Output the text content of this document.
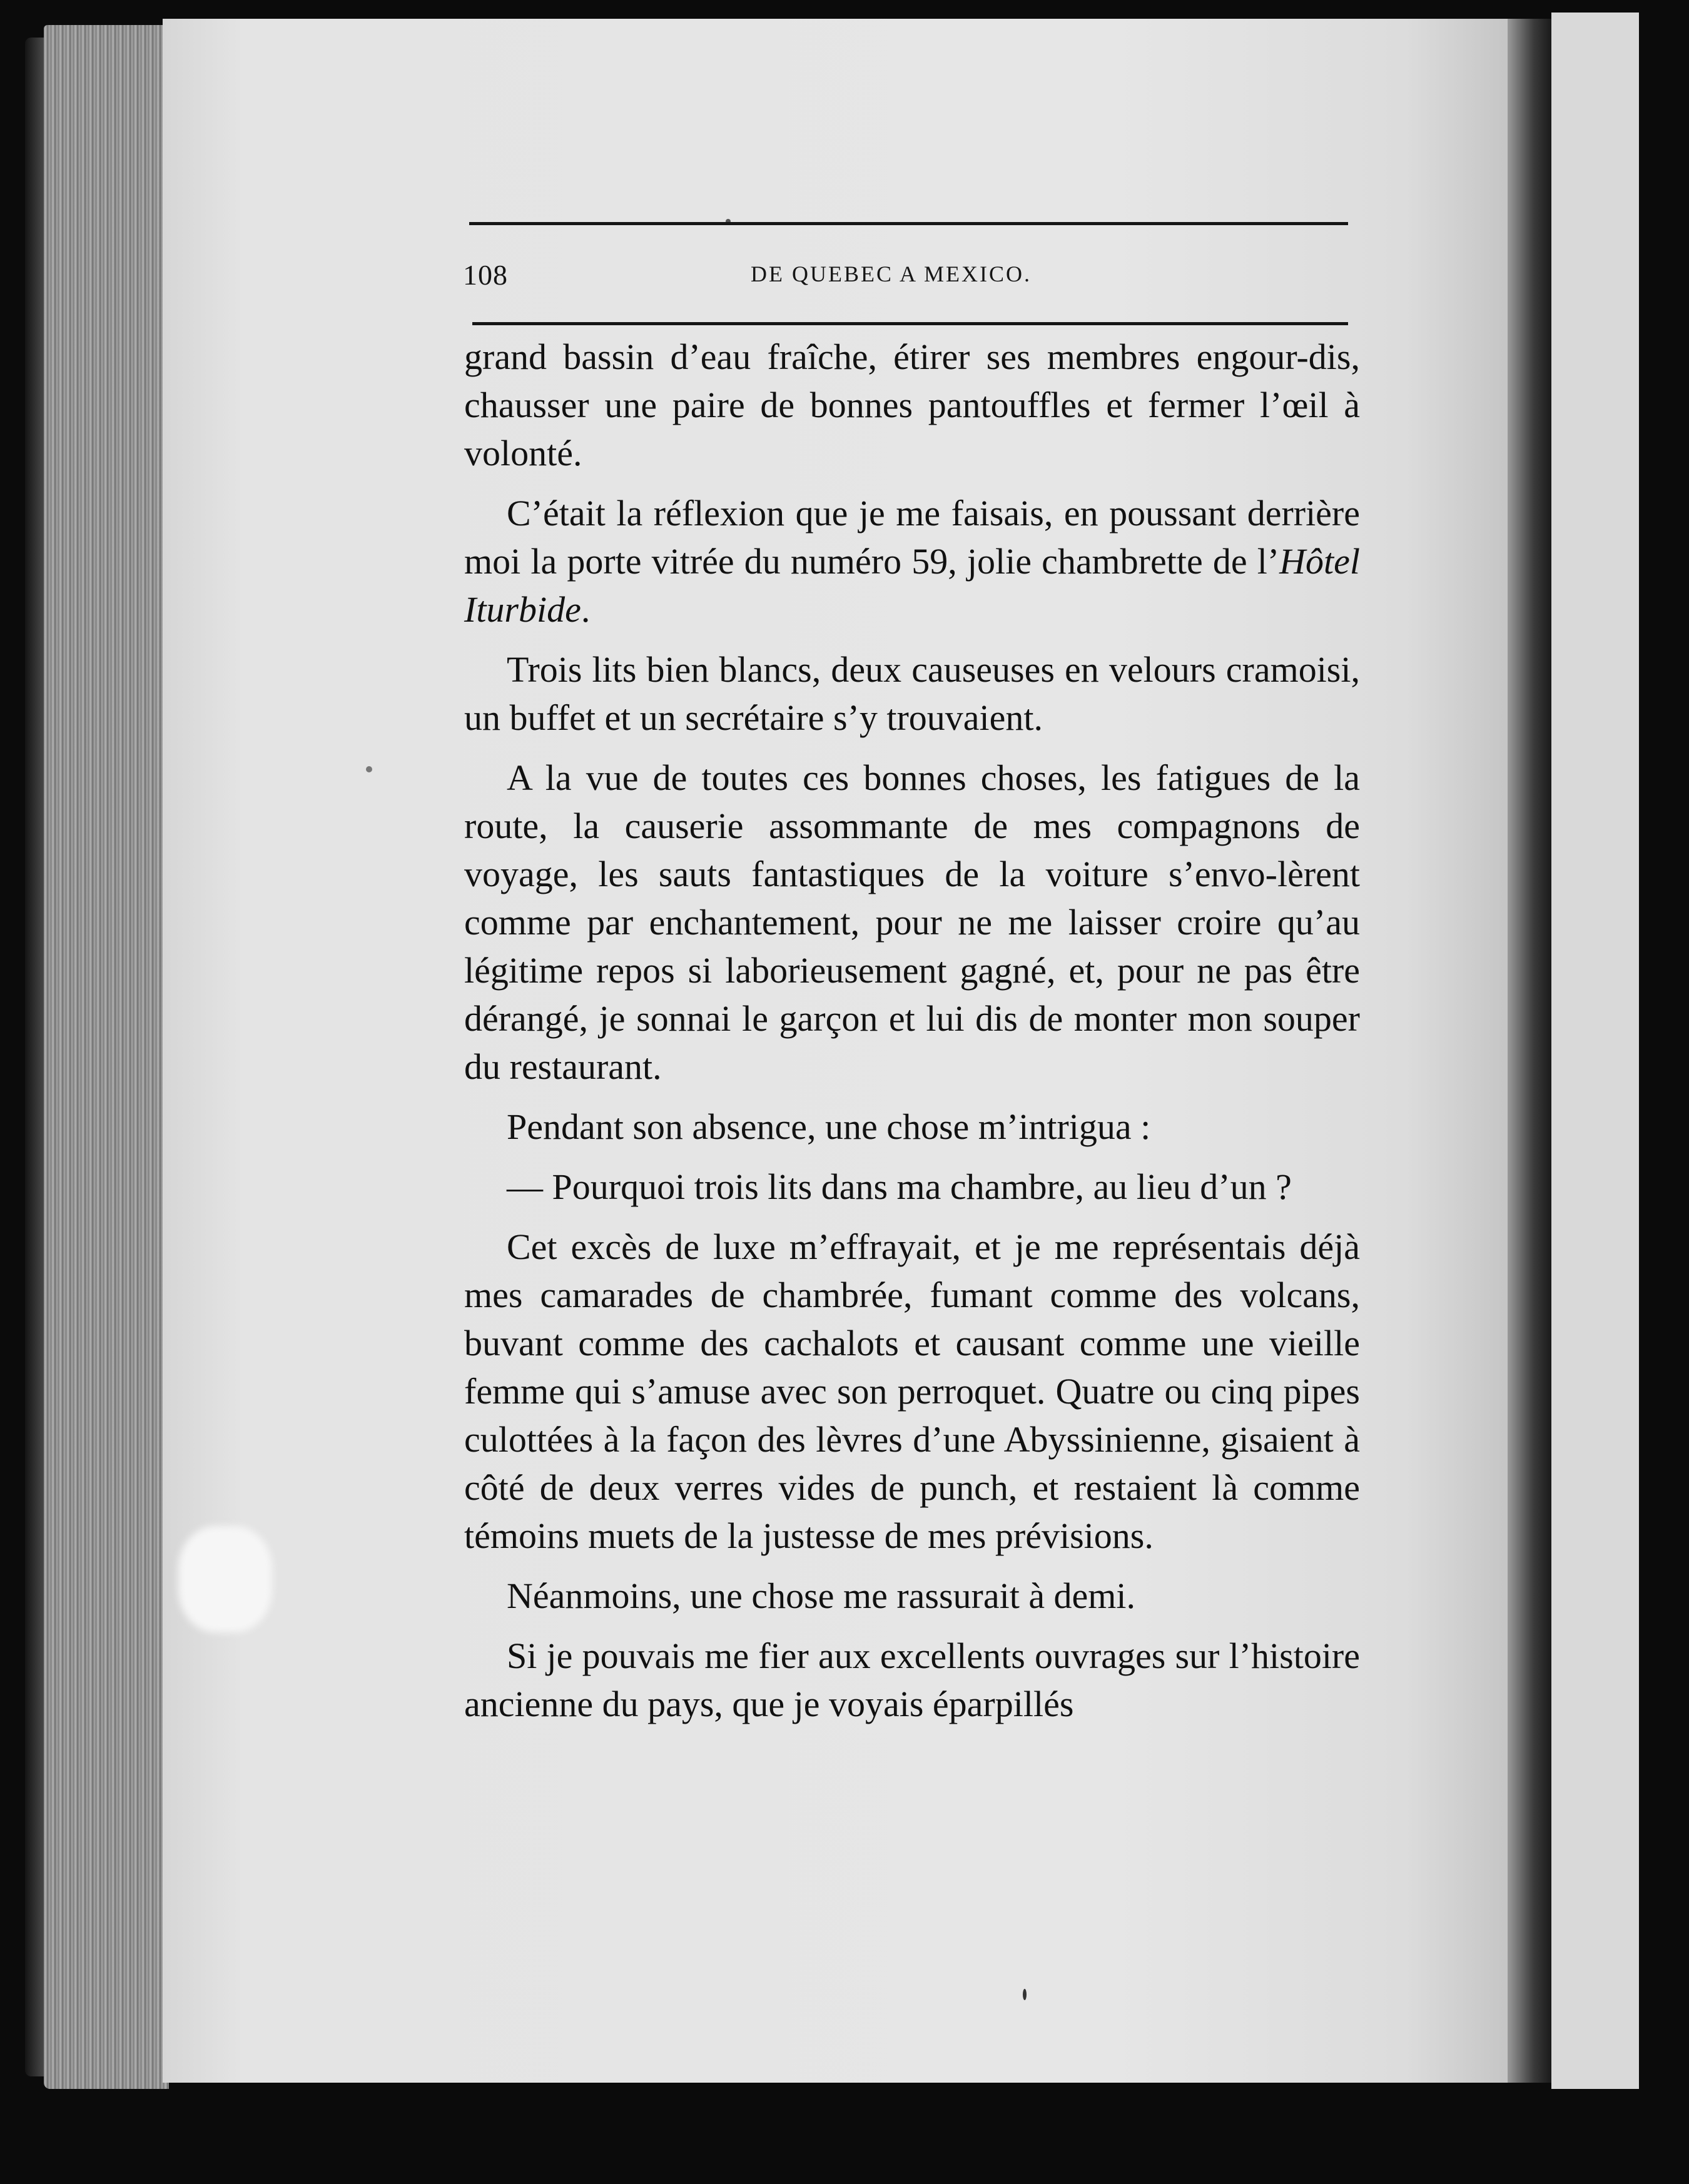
108	DE QUEBEC A MEXICO.

grand bassin d’eau fraîche, étirer ses membres engour-dis, chausser une paire de bonnes pantouffles et fermer l’œil à volonté.

C’était la réflexion que je me faisais, en poussant derrière moi la porte vitrée du numéro 59, jolie chambrette de l’Hôtel Iturbide.

Trois lits bien blancs, deux causeuses en velours cramoisi, un buffet et un secrétaire s’y trouvaient.

A la vue de toutes ces bonnes choses, les fatigues de la route, la causerie assommante de mes compagnons de voyage, les sauts fantastiques de la voiture s’envo-lèrent comme par enchantement, pour ne me laisser croire qu’au légitime repos si laborieusement gagné, et, pour ne pas être dérangé, je sonnai le garçon et lui dis de monter mon souper du restaurant.

Pendant son absence, une chose m’intrigua :

— Pourquoi trois lits dans ma chambre, au lieu d’un ?

Cet excès de luxe m’effrayait, et je me représentais déjà mes camarades de chambrée, fumant comme des volcans, buvant comme des cachalots et causant comme une vieille femme qui s’amuse avec son perroquet. Quatre ou cinq pipes culottées à la façon des lèvres d’une Abyssinienne, gisaient à côté de deux verres vides de punch, et restaient là comme témoins muets de la justesse de mes prévisions.

Néanmoins, une chose me rassurait à demi.

Si je pouvais me fier aux excellents ouvrages sur l’histoire ancienne du pays, que je voyais éparpillés
